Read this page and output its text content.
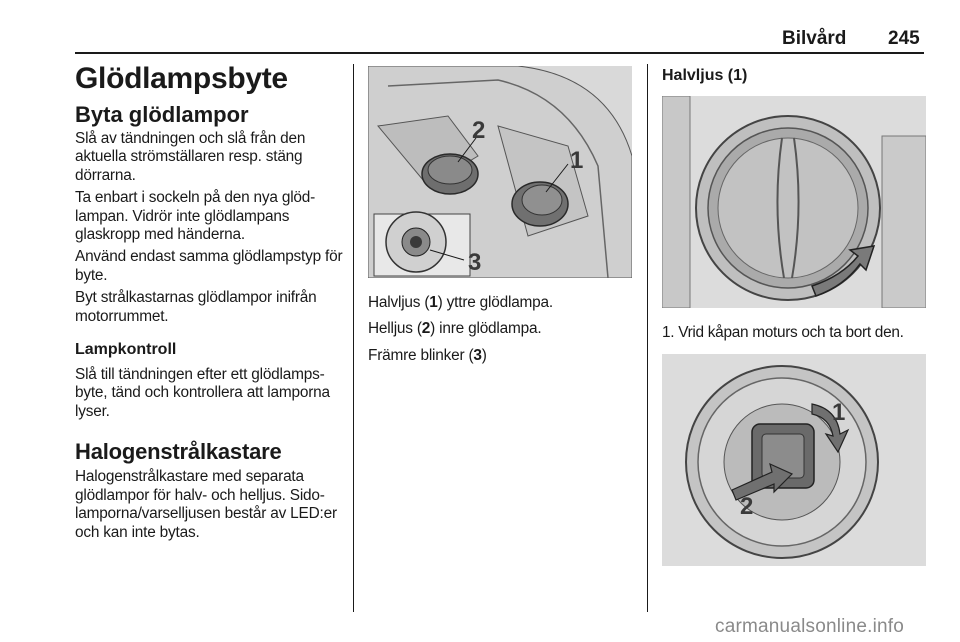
Bilvård 245
Glödlampsbyte
Byta glödlampor

Slå av tändningen och slå från den aktuella strömställaren resp. stäng dörrarna.

Ta enbart i sockeln på den nya glöd-lampan. Vidrör inte glödlampans glaskropp med händerna.

Använd endast samma glödlampstyp för byte.

Byt strålkastarnas glödlampor inifrån motorrummet.

Lampkontroll

Slå till tändningen efter ett glödlamps-byte, tänd och kontrollera att lamporna lyser.

Halogenstrålkastare

Halogenstrålkastare med separata glödlampor för halv- och helljus. Sido-lamporna/varselljusen består av LED:er och kan inte bytas.

2
1
3

Halvljus (1) yttre glödlampa.

Helljus (2) inre glödlampa.

Främre blinker (3)

Halvljus (1)
1. Vrid kåpan moturs och ta bort den.
1
2
carmanualsonline.info
